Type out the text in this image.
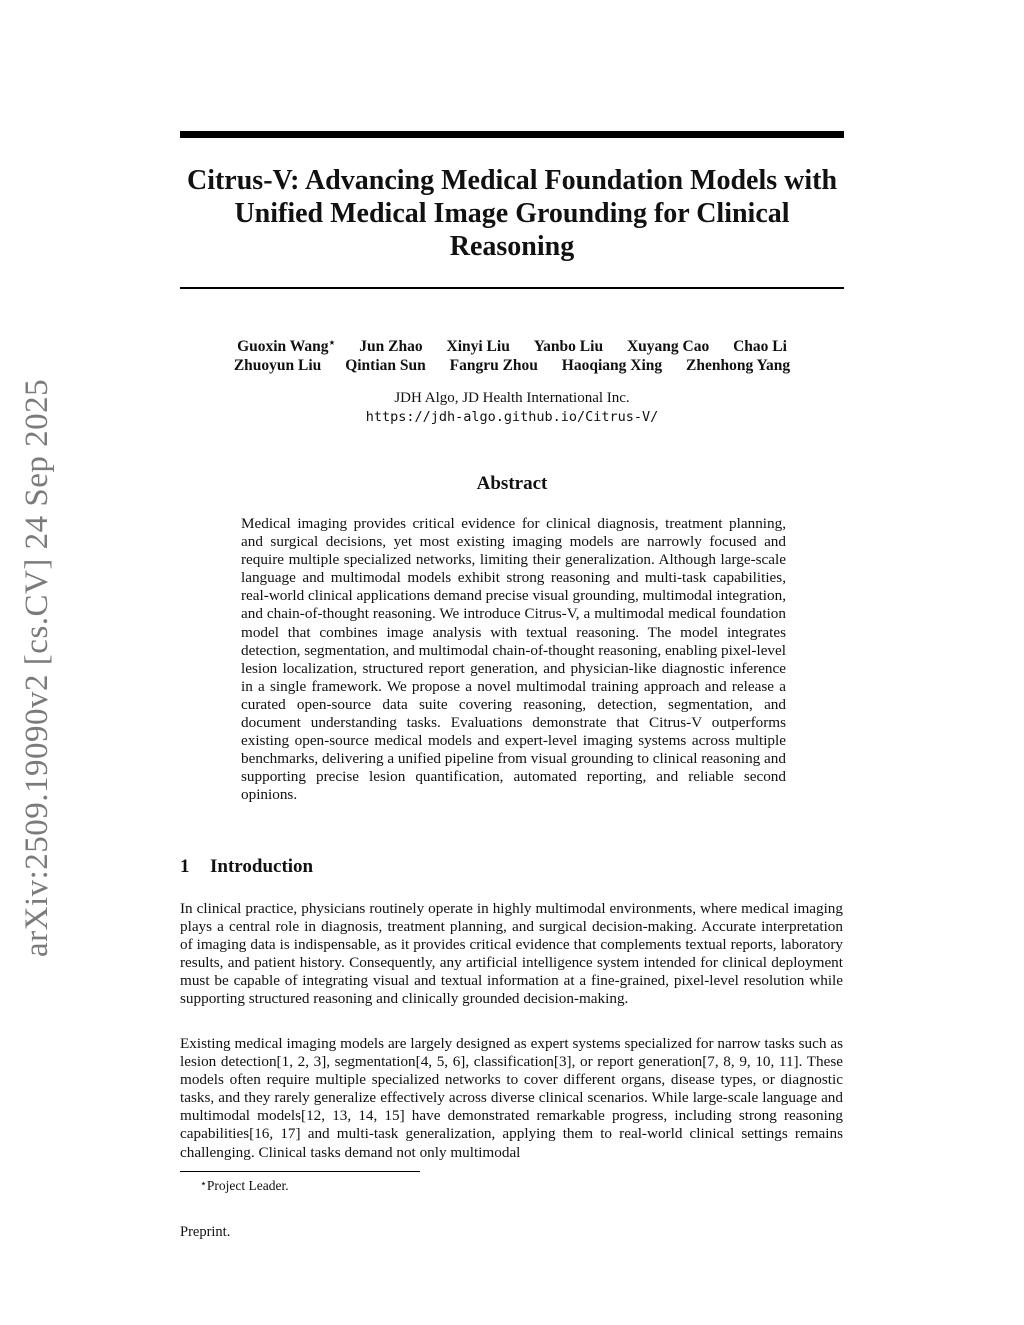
arXiv:2509.19090v2 [cs.CV] 24 Sep 2025
Citrus-V: Advancing Medical Foundation Models with Unified Medical Image Grounding for Clinical Reasoning
Guoxin Wang⋆ Jun Zhao Xinyi Liu Yanbo Liu Xuyang Cao Chao Li
Zhuoyun Liu Qintian Sun Fangru Zhou Haoqiang Xing Zhenhong Yang
JDH Algo, JD Health International Inc.
https://jdh-algo.github.io/Citrus-V/
Abstract

Medical imaging provides critical evidence for clinical diagnosis, treatment planning, and surgical decisions, yet most existing imaging models are narrowly focused and require multiple specialized networks, limiting their generalization. Although large-scale language and multimodal models exhibit strong reasoning and multi-task capabilities, real-world clinical applications demand precise visual grounding, multimodal integration, and chain-of-thought reasoning. We introduce Citrus-V, a multimodal medical foundation model that combines image analysis with textual reasoning. The model integrates detection, segmentation, and multimodal chain-of-thought reasoning, enabling pixel-level lesion localization, structured report generation, and physician-like diagnostic inference in a single framework. We propose a novel multimodal training approach and release a curated open-source data suite covering reasoning, detection, segmentation, and document understanding tasks. Evaluations demonstrate that Citrus-V outperforms existing open-source medical models and expert-level imaging systems across multiple benchmarks, delivering a unified pipeline from visual grounding to clinical reasoning and supporting precise lesion quantification, automated reporting, and reliable second opinions.

1 Introduction

In clinical practice, physicians routinely operate in highly multimodal environments, where medical imaging plays a central role in diagnosis, treatment planning, and surgical decision-making. Accurate interpretation of imaging data is indispensable, as it provides critical evidence that complements textual reports, laboratory results, and patient history. Consequently, any artificial intelligence system intended for clinical deployment must be capable of integrating visual and textual information at a fine-grained, pixel-level resolution while supporting structured reasoning and clinically grounded decision-making.

Existing medical imaging models are largely designed as expert systems specialized for narrow tasks such as lesion detection[1, 2, 3], segmentation[4, 5, 6], classification[3], or report generation[7, 8, 9, 10, 11]. These models often require multiple specialized networks to cover different organs, disease types, or diagnostic tasks, and they rarely generalize effectively across diverse clinical scenarios. While large-scale language and multimodal models[12, 13, 14, 15] have demonstrated remarkable progress, including strong reasoning capabilities[16, 17] and multi-task generalization, applying them to real-world clinical settings remains challenging. Clinical tasks demand not only multimodal

⋆Project Leader.
Preprint.
